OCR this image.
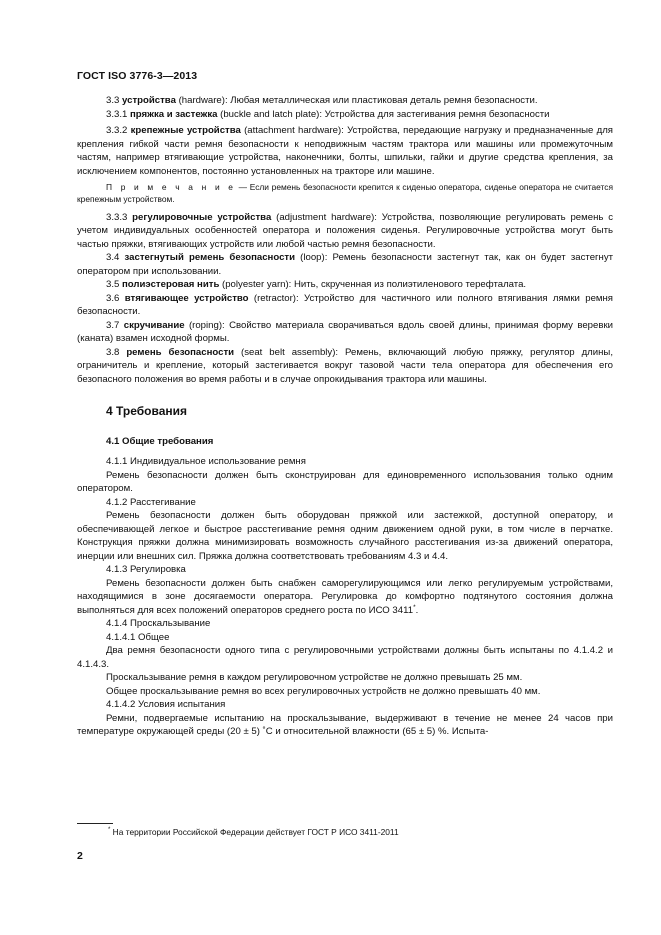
ГОСТ ISO 3776-3—2013

3.3 устройства (hardware): Любая металлическая или пластиковая деталь ремня безопасности.

3.3.1 пряжка и застежка (buckle and latch plate): Устройства для застегивания ремня безопасности

3.3.2 крепежные устройства (attachment hardware): Устройства, передающие нагрузку и предназначенные для крепления гибкой части ремня безопасности к неподвижным частям трактора или машины или промежуточным частям, например втягивающие устройства, наконечники, болты, шпильки, гайки и другие средства крепления, за исключением компонентов, постоянно установленных на тракторе или машине.

П р и м е ч а н и е — Если ремень безопасности крепится к сиденью оператора, сиденье оператора не считается крепежным устройством.

3.3.3 регулировочные устройства (adjustment hardware): Устройства, позволяющие регулировать ремень с учетом индивидуальных особенностей оператора и положения сиденья. Регулировочные устройства могут быть частью пряжки, втягивающих устройств или любой частью ремня безопасности.

3.4 застегнутый ремень безопасности (loop): Ремень безопасности застегнут так, как он будет застегнут оператором при использовании.

3.5 полиэстеровая нить (polyester yarn): Нить, скрученная из полиэтиленового терефталата.

3.6 втягивающее устройство (retractor): Устройство для частичного или полного втягивания лямки ремня безопасности.

3.7 скручивание (roping): Свойство материала сворачиваться вдоль своей длины, принимая форму веревки (каната) взамен исходной формы.

3.8 ремень безопасности (seat belt assembly): Ремень, включающий любую пряжку, регулятор длины, ограничитель и крепление, который застегивается вокруг тазовой части тела оператора для обеспечения его безопасного положения во время работы и в случае опрокидывания трактора или машины.

4 Требования
4.1 Общие требования

4.1.1 Индивидуальное использование ремня

Ремень безопасности должен быть сконструирован для единовременного использования только одним оператором.

4.1.2 Расстегивание

Ремень безопасности должен быть оборудован пряжкой или застежкой, доступной оператору, и обеспечивающей легкое и быстрое расстегивание ремня одним движением одной руки, в том числе в перчатке. Конструкция пряжки должна минимизировать возможность случайного расстегивания из-за движений оператора, инерции или внешних сил. Пряжка должна соответствовать требованиям 4.3 и 4.4.

4.1.3 Регулировка

Ремень безопасности должен быть снабжен саморегулирующимся или легко регулируемым устройствами, находящимися в зоне досягаемости оператора. Регулировка до комфортно подтянутого состояния должна выполняться для всех положений операторов среднего роста по ИСО 3411*.

4.1.4 Проскальзывание

4.1.4.1 Общее

Два ремня безопасности одного типа с регулировочными устройствами должны быть испытаны по 4.1.4.2 и 4.1.4.3.

Проскальзывание ремня в каждом регулировочном устройстве не должно превышать 25 мм.

Общее проскальзывание ремня во всех регулировочных устройств не должно превышать 40 мм.

4.1.4.2 Условия испытания

Ремни, подвергаемые испытанию на проскальзывание, выдерживают в течение не менее 24 часов при температуре окружающей среды (20 ± 5) ˚С и относительной влажности (65 ± 5) %. Испыта-

* На территории Российской Федерации действует ГОСТ Р ИСО 3411-2011
2
